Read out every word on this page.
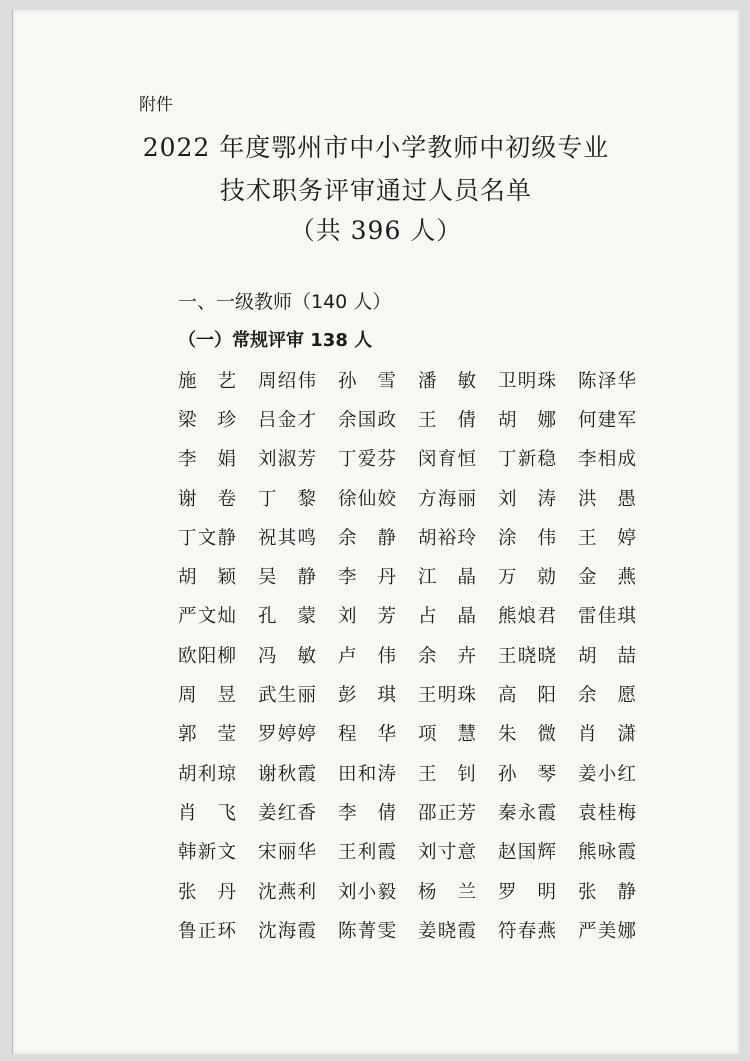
附件
2022 年度鄂州市中小学教师中初级专业
技术职务评审通过人员名单
（共 396 人）
一、一级教师（140 人）
（一）常规评审 138 人
施 艺 周 绍 伟 孙 雪 潘 敏 卫 明 珠 陈 泽 华
梁 珍 吕 金 才 余 国 政 王 倩 胡 娜 何 建 军
李 娟 刘 淑 芳 丁 爱 芬 闵 育 恒 丁 新 稳 李 相 成
谢 卷 丁 黎 徐 仙 姣 方 海 丽 刘 涛 洪 愚
丁 文 静 祝 其 鸣 余 静 胡 裕 玲 涂 伟 王 婷
胡 颖 吴 静 李 丹 江 晶 万 勍 金 燕
严 文 灿 孔 蒙 刘 芳 占 晶 熊 烺 君 雷 佳 琪
欧 阳 柳 冯 敏 卢 伟 余 卉 王 晓 晓 胡 喆
周 昱 武 生 丽 彭 琪 王 明 珠 高 阳 余 愿
郭 莹 罗 婷 婷 程 华 项 慧 朱 微 肖 潇
胡 利 琼 谢 秋 霞 田 和 涛 王 钊 孙 琴 姜 小 红
肖 飞 姜 红 香 李 倩 邵 正 芳 秦 永 霞 袁 桂 梅
韩 新 文 宋 丽 华 王 利 霞 刘 寸 意 赵 国 辉 熊 咏 霞
张 丹 沈 燕 利 刘 小 毅 杨 兰 罗 明 张 静
鲁 正 环 沈 海 霞 陈 菁 雯 姜 晓 霞 符 春 燕 严 美 娜
